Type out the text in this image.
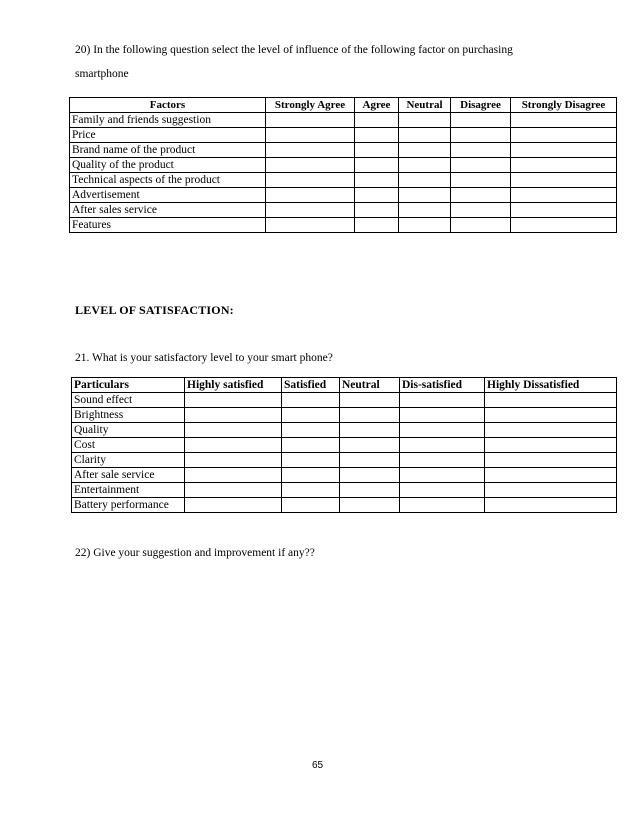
20) In the following question select the level of influence of the following factor on purchasing
smartphone
Factors	Strongly Agree	Agree	Neutral	Disagree	Strongly Disagree
Family and friends suggestion					
Price					
Brand name of the product					
Quality of the product					
Technical aspects of the product					
Advertisement					
After sales service					
Features					
LEVEL OF SATISFACTION:
21. What is your satisfactory level to your smart phone?
Particulars	Highly satisfied	Satisfied	Neutral	Dis-satisfied	Highly Dissatisfied
Sound effect					
Brightness					
Quality					
Cost					
Clarity					
After sale service					
Entertainment					
Battery performance					
22) Give your suggestion and improvement if any??
65
